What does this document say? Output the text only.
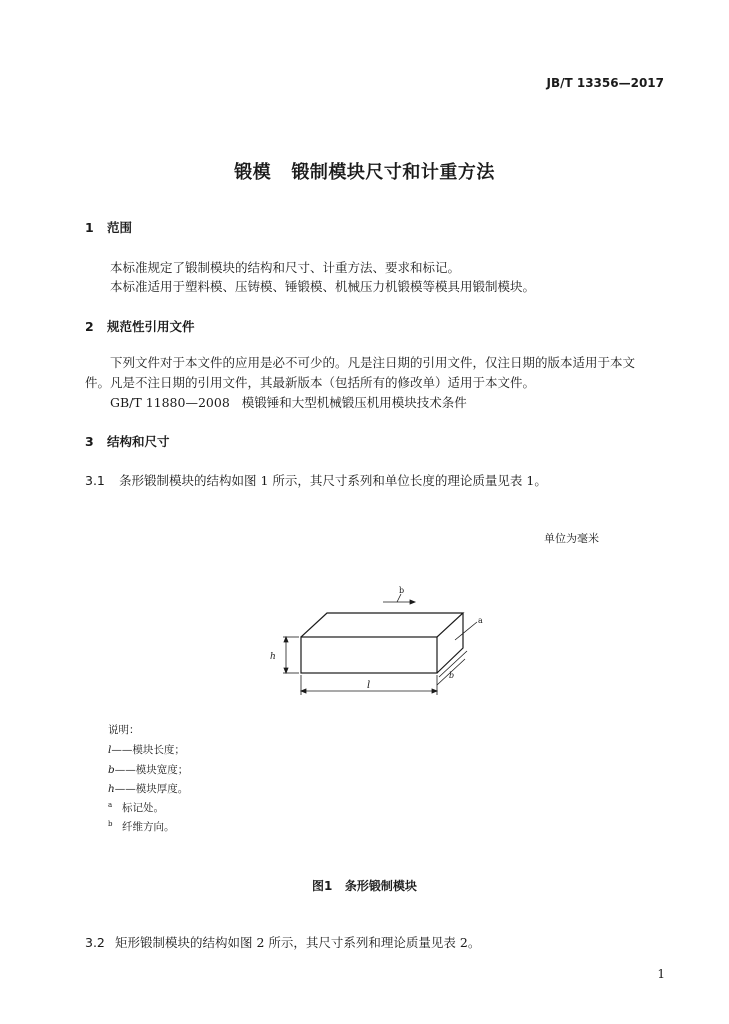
JB/T 13356—2017
锻模   锻制模块尺寸和计重方法
1 范围
本标准规定了锻制模块的结构和尺寸、计重方法、要求和标记。
本标准适用于塑料模、压铸模、锤锻模、机械压力机锻模等模具用锻制模块。
2 规范性引用文件
下列文件对于本文件的应用是必不可少的。凡是注日期的引用文件，仅注日期的版本适用于本文
件。凡是不注日期的引用文件，其最新版本（包括所有的修改单）适用于本文件。
GB/T 11880—2008   模锻锤和大型机械锻压机用模块技术条件
3 结构和尺寸
3.1 条形锻制模块的结构如图 1 所示，其尺寸系列和单位长度的理论质量见表 1。
单位为毫米
h
l
b
a
b
说明：
l——模块长度；
b——模块宽度；
h——模块厚度。
$^a$ 标记处。
$^b$ 纤维方向。
图1   条形锻制模块
3.2 矩形锻制模块的结构如图 2 所示，其尺寸系列和理论质量见表 2。
1
